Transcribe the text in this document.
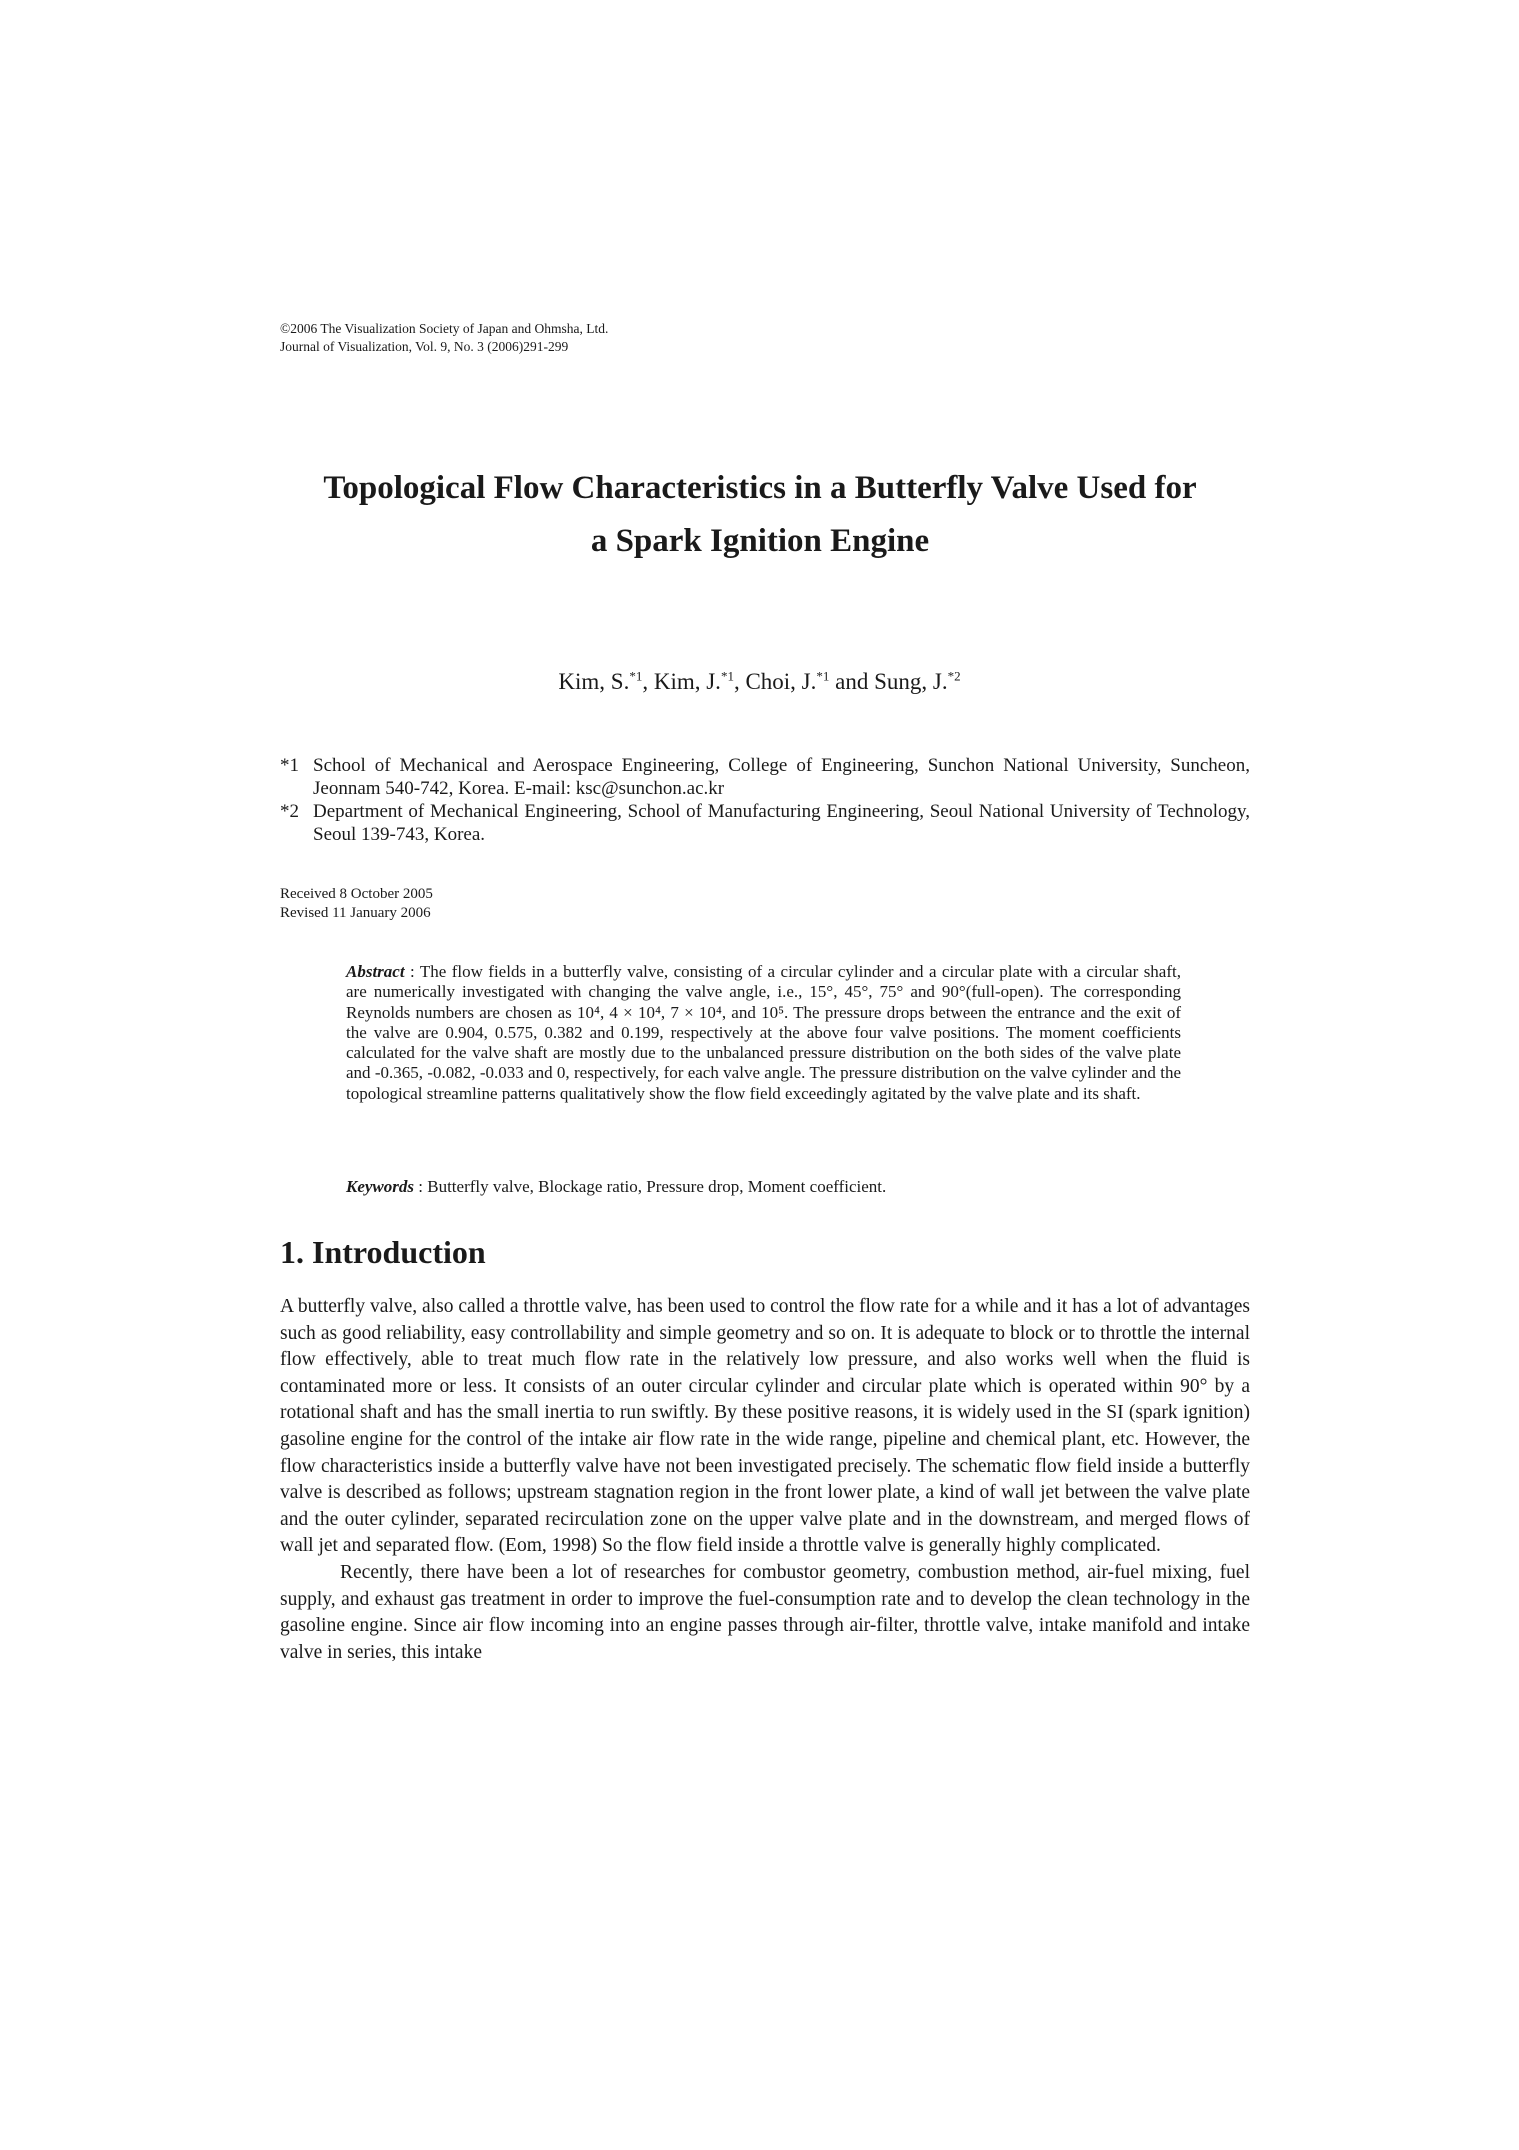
©2006 The Visualization Society of Japan and Ohmsha, Ltd.
Journal of Visualization, Vol. 9, No. 3 (2006)291-299
Topological Flow Characteristics in a Butterfly Valve Used for
a Spark Ignition Engine
Kim, S.$^{*1}$, Kim, J.$^{*1}$, Choi, J.$^{*1}$ and Sung, J.$^{*2}$
*1 School of Mechanical and Aerospace Engineering, College of Engineering, Sunchon National University, Suncheon, Jeonnam 540-742, Korea. E-mail: ksc@sunchon.ac.kr
*2 Department of Mechanical Engineering, School of Manufacturing Engineering, Seoul National University of Technology, Seoul 139-743, Korea.
Received 8 October 2005
Revised 11 January 2006
Abstract : The flow fields in a butterfly valve, consisting of a circular cylinder and a circular plate with a circular shaft, are numerically investigated with changing the valve angle, i.e., 15°, 45°, 75° and 90°(full-open). The corresponding Reynolds numbers are chosen as 10⁴, 4 × 10⁴, 7 × 10⁴, and 10⁵. The pressure drops between the entrance and the exit of the valve are 0.904, 0.575, 0.382 and 0.199, respectively at the above four valve positions. The moment coefficients calculated for the valve shaft are mostly due to the unbalanced pressure distribution on the both sides of the valve plate and -0.365, -0.082, -0.033 and 0, respectively, for each valve angle. The pressure distribution on the valve cylinder and the topological streamline patterns qualitatively show the flow field exceedingly agitated by the valve plate and its shaft.
Keywords : Butterfly valve, Blockage ratio, Pressure drop, Moment coefficient.
1. Introduction

A butterfly valve, also called a throttle valve, has been used to control the flow rate for a while and it has a lot of advantages such as good reliability, easy controllability and simple geometry and so on. It is adequate to block or to throttle the internal flow effectively, able to treat much flow rate in the relatively low pressure, and also works well when the fluid is contaminated more or less. It consists of an outer circular cylinder and circular plate which is operated within 90° by a rotational shaft and has the small inertia to run swiftly. By these positive reasons, it is widely used in the SI (spark ignition) gasoline engine for the control of the intake air flow rate in the wide range, pipeline and chemical plant, etc. However, the flow characteristics inside a butterfly valve have not been investigated precisely. The schematic flow field inside a butterfly valve is described as follows; upstream stagnation region in the front lower plate, a kind of wall jet between the valve plate and the outer cylinder, separated recirculation zone on the upper valve plate and in the downstream, and merged flows of wall jet and separated flow. (Eom, 1998) So the flow field inside a throttle valve is generally highly complicated.

Recently, there have been a lot of researches for combustor geometry, combustion method, air-fuel mixing, fuel supply, and exhaust gas treatment in order to improve the fuel-consumption rate and to develop the clean technology in the gasoline engine. Since air flow incoming into an engine passes through air-filter, throttle valve, intake manifold and intake valve in series, this intake
